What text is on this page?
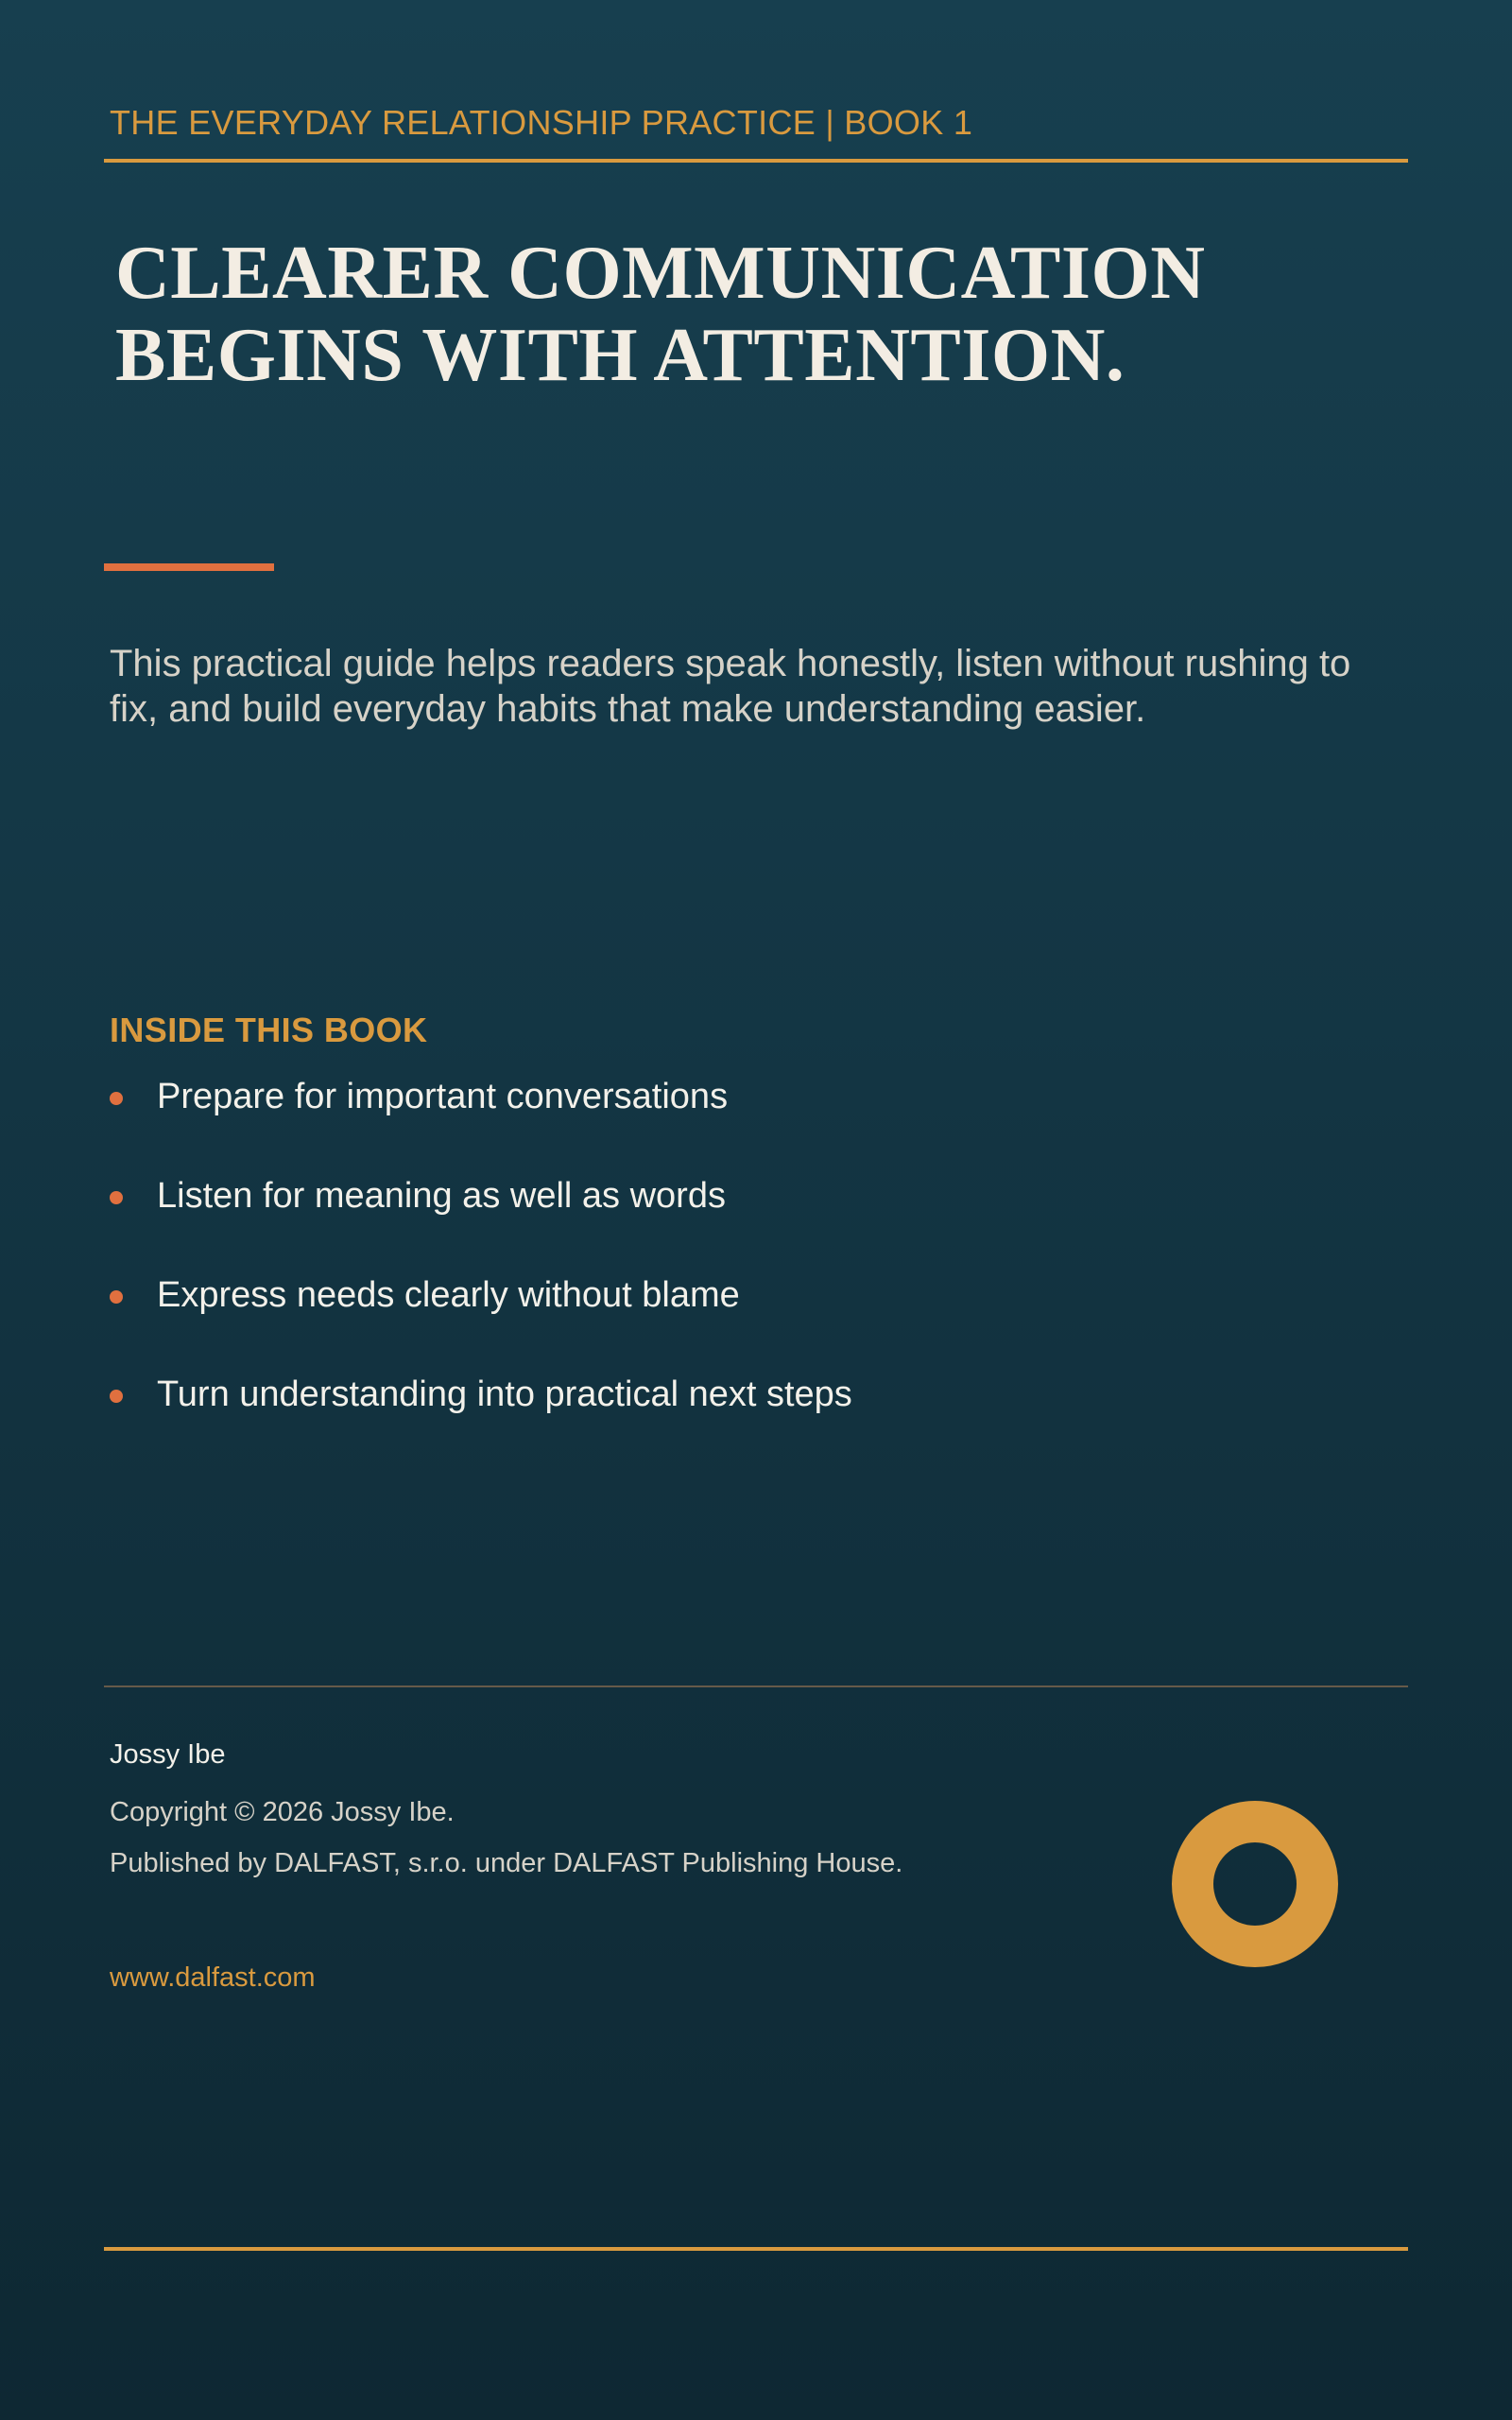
THE EVERYDAY RELATIONSHIP PRACTICE | BOOK 1
CLEARER COMMUNICATION
BEGINS WITH ATTENTION.

This practical guide helps readers speak honestly, listen without rushing to fix, and build everyday habits that make understanding easier.

INSIDE THIS BOOK
Prepare for important conversations
Listen for meaning as well as words
Express needs clearly without blame
Turn understanding into practical next steps

Jossy Ibe

Copyright © 2026 Jossy Ibe.

Published by DALFAST, s.r.o. under DALFAST Publishing House.

www.dalfast.com
